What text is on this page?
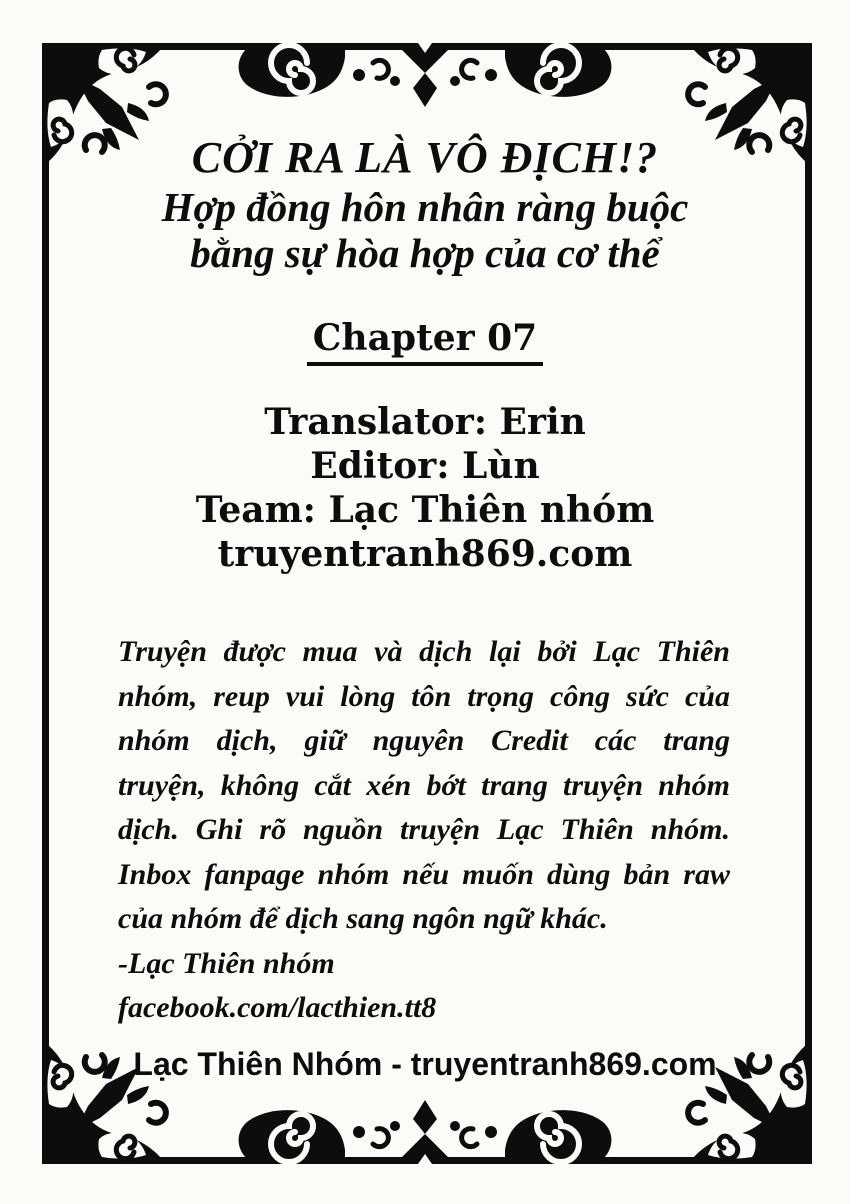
CỞI RA LÀ VÔ ĐỊCH!?
Hợp đồng hôn nhân ràng buộc
bằng sự hòa hợp của cơ thể
Chapter 07
Translator: Erin
Editor: Lùn
Team: Lạc Thiên nhóm
truyentranh869.com
Truyện được mua và dịch lại bởi Lạc Thiên
nhóm, reup vui lòng tôn trọng công sức của
nhóm dịch, giữ nguyên Credit các trang
truyện, không cắt xén bớt trang truyện nhóm
dịch. Ghi rõ nguồn truyện Lạc Thiên nhóm.
Inbox fanpage nhóm nếu muốn dùng bản raw
của nhóm để dịch sang ngôn ngữ khác.
-Lạc Thiên nhóm
facebook.com/lacthien.tt8
Lạc Thiên Nhóm - truyentranh869.com
